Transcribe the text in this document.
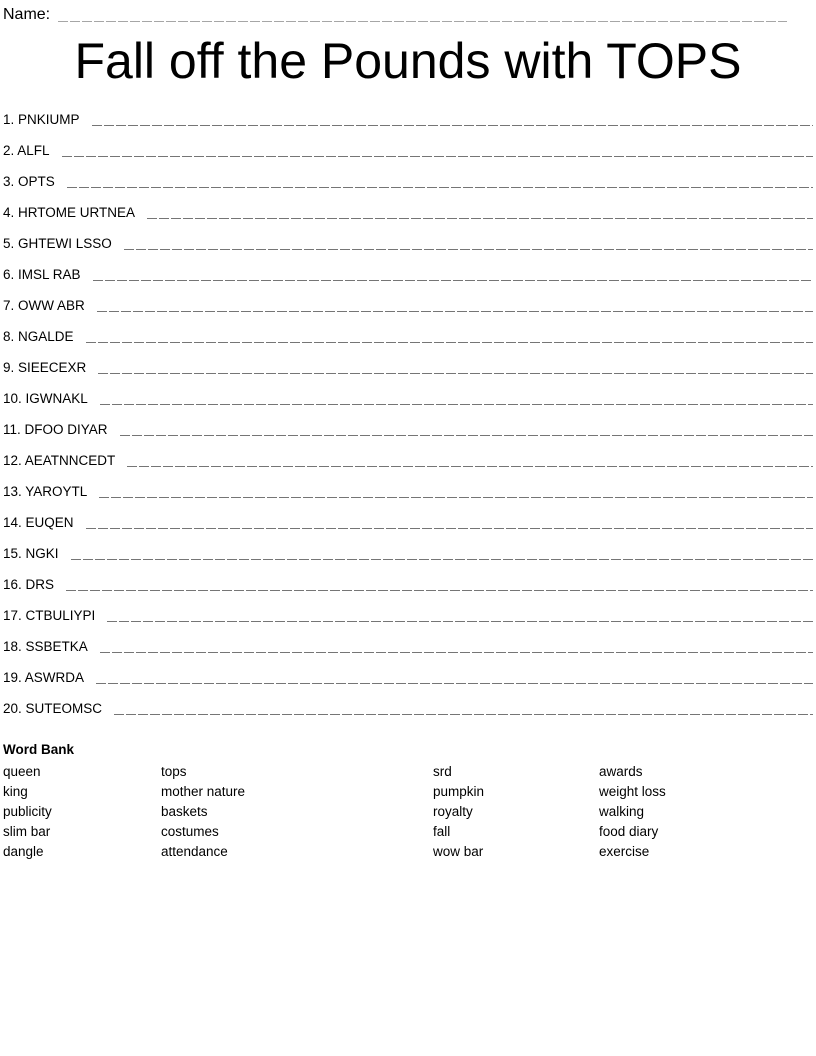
Name:
Fall off the Pounds with TOPS
1. PNKIUMP
2. ALFL
3. OPTS
4. HRTOME URTNEA
5. GHTEWI LSSO
6. IMSL RAB
7. OWW ABR
8. NGALDE
9. SIEECEXR
10. IGWNAKL
11. DFOO DIYAR
12. AEATNNCEDT
13. YAROYTL
14. EUQEN
15. NGKI
16. DRS
17. CTBULIYPI
18. SSBETKA
19. ASWRDA
20. SUTEOMSC
Word Bank
queen	tops	srd	awards
king	mother nature	pumpkin	weight loss
publicity	baskets	royalty	walking
slim bar	costumes	fall	food diary
dangle	attendance	wow bar	exercise
